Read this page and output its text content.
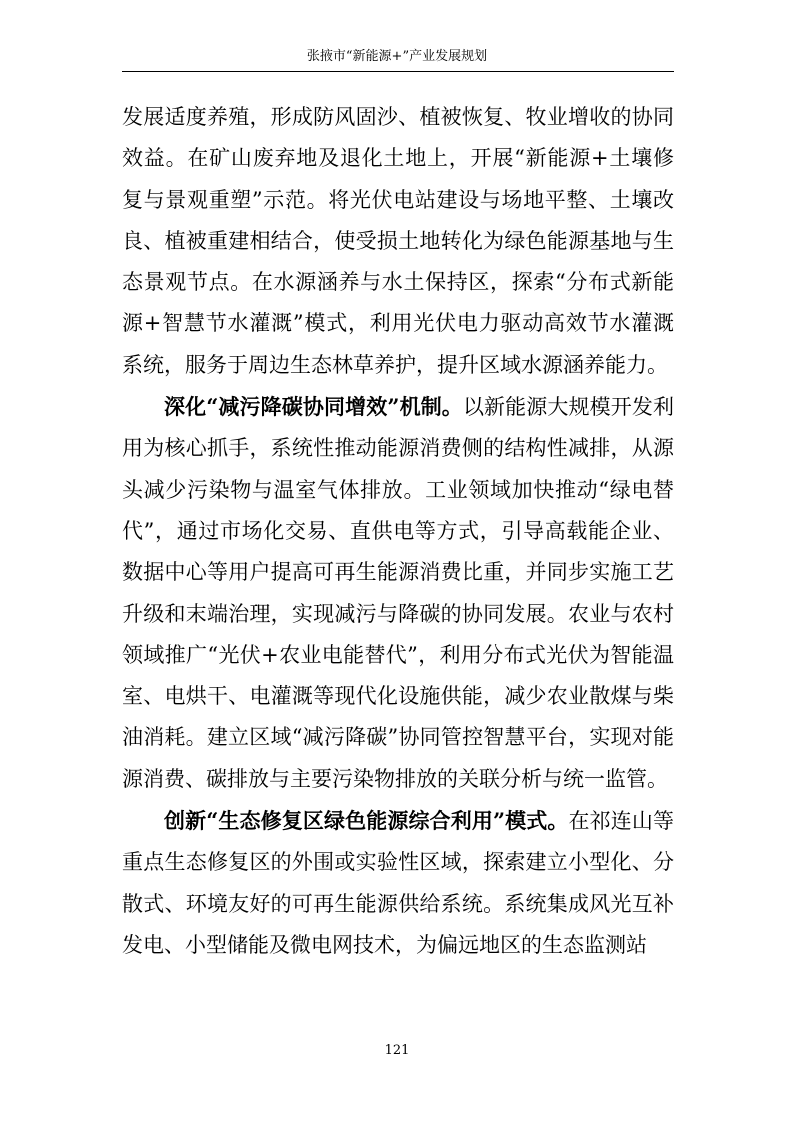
张掖市“新能源+”产业发展规划

发展适度养殖，形成防风固沙、植被恢复、牧业增收的协同效益。在矿山废弃地及退化土地上，开展“新能源+土壤修复与景观重塑”示范。将光伏电站建设与场地平整、土壤改良、植被重建相结合，使受损土地转化为绿色能源基地与生态景观节点。在水源涵养与水土保持区，探索“分布式新能源+智慧节水灌溉”模式，利用光伏电力驱动高效节水灌溉系统，服务于周边生态林草养护，提升区域水源涵养能力。

深化“减污降碳协同增效”机制。以新能源大规模开发利用为核心抓手，系统性推动能源消费侧的结构性减排，从源头减少污染物与温室气体排放。工业领域加快推动“绿电替代”，通过市场化交易、直供电等方式，引导高载能企业、数据中心等用户提高可再生能源消费比重，并同步实施工艺升级和末端治理，实现减污与降碳的协同发展。农业与农村领域推广“光伏+农业电能替代”，利用分布式光伏为智能温室、电烘干、电灌溉等现代化设施供能，减少农业散煤与柴油消耗。建立区域“减污降碳”协同管控智慧平台，实现对能源消费、碳排放与主要污染物排放的关联分析与统一监管。

创新“生态修复区绿色能源综合利用”模式。在祁连山等重点生态修复区的外围或实验性区域，探索建立小型化、分散式、环境友好的可再生能源供给系统。系统集成风光互补发电、小型储能及微电网技术，为偏远地区的生态监测站

121
